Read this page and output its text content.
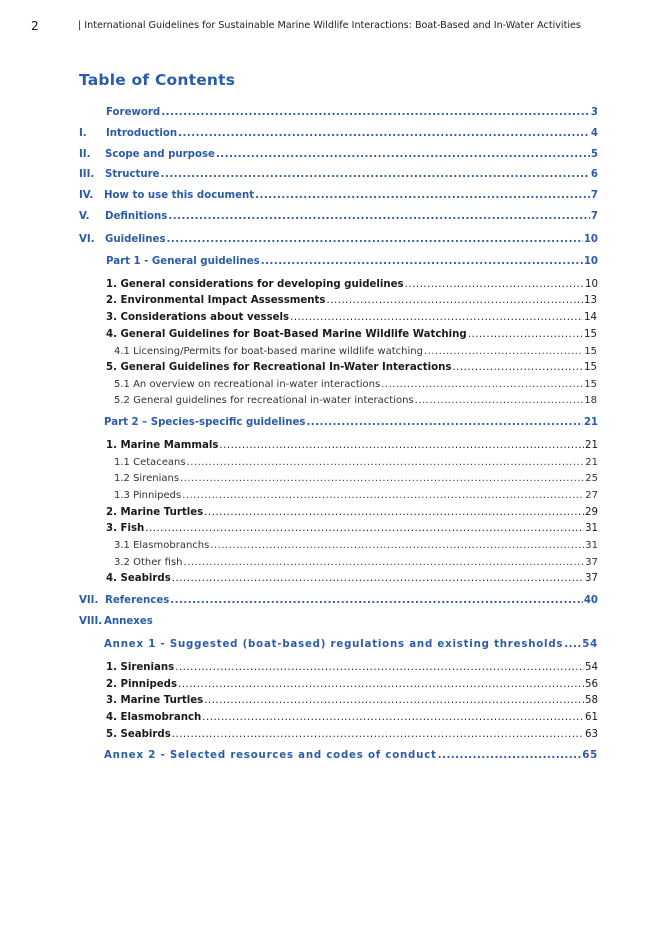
2	| International Guidelines for Sustainable Marine Wildlife Interactions: Boat-Based and In-Water Activities
Table of Contents
Foreword .....	3
I.	Introduction .....	4
II.	Scope and purpose .....	5
III.	Structure .....	6
IV.	How to use this document .....	7
V.	Definitions .....	7
VI.	Guidelines .....	10
Part 1 - General guidelines .....	10
1. General considerations for developing guidelines .....	10
2. Environmental Impact Assessments .....	13
3. Considerations about vessels .....	14
4. General Guidelines for Boat-Based Marine Wildlife Watching .....	15
4.1 Licensing/Permits for boat-based marine wildlife watching .....	15
5. General Guidelines for Recreational In-Water Interactions .....	15
5.1 An overview on recreational in-water interactions .....	15
5.2 General guidelines for recreational in-water interactions .....	18
Part 2 – Species-specific guidelines .....	21
1. Marine Mammals .....	21
1.1 Cetaceans .....	21
1.2 Sirenians .....	25
1.3 Pinnipeds .....	27
2. Marine Turtles .....	29
3. Fish .....	31
3.1 Elasmobranchs .....	31
3.2 Other fish .....	37
4. Seabirds .....	37
VII. References .....	40
VIII. Annexes
Annex 1 - Suggested (boat-based) regulations and existing thresholds ..... 54
1. Sirenians .....	54
2. Pinnipeds .....	56
3. Marine Turtles .....	58
4. Elasmobranch .....	61
5. Seabirds .....	63
Annex 2 - Selected resources and codes of conduct .....	65
